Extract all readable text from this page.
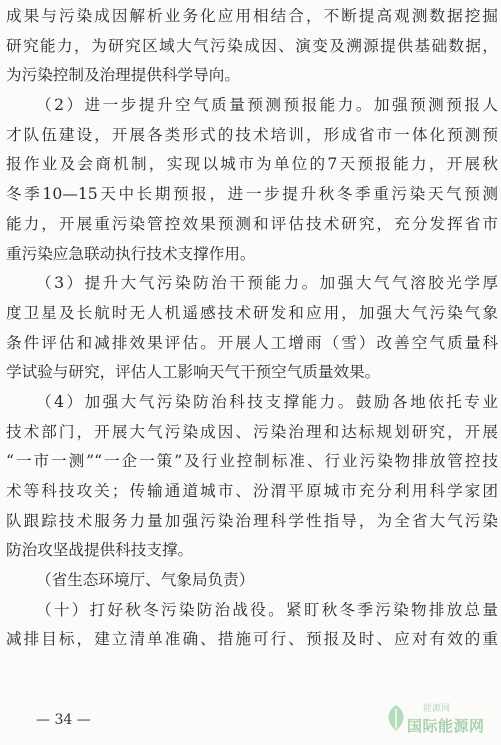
成果与污染成因解析业务化应用相结合，不断提高观测数据挖掘
研究能力，为研究区域大气污染成因、演变及溯源提供基础数据，
为污染控制及治理提供科学导向。
（2）进一步提升空气质量预测预报能力。加强预测预报人
才队伍建设，开展各类形式的技术培训，形成省市一体化预测预
报作业及会商机制，实现以城市为单位的7天预报能力，开展秋
冬季10—15天中长期预报，进一步提升秋冬季重污染天气预测
能力，开展重污染管控效果预测和评估技术研究，充分发挥省市
重污染应急联动执行技术支撑作用。
（3）提升大气污染防治干预能力。加强大气气溶胶光学厚
度卫星及长航时无人机遥感技术研发和应用，加强大气污染气象
条件评估和减排效果评估。开展人工增雨（雪）改善空气质量科
学试验与研究，评估人工影响天气干预空气质量效果。
（4）加强大气污染防治科技支撑能力。鼓励各地依托专业
技术部门，开展大气污染成因、污染治理和达标规划研究，开展
“一市一测”“一企一策”及行业控制标准、行业污染物排放管控技
术等科技攻关；传输通道城市、汾渭平原城市充分利用科学家团
队跟踪技术服务力量加强污染治理科学性指导，为全省大气污染
防治攻坚战提供科技支撑。
（省生态环境厅、气象局负责）
（十）打好秋冬污染防治战役。紧盯秋冬季污染物排放总量
减排目标，建立清单准确、措施可行、预报及时、应对有效的重
— 34 —
能源网
国际能源网
